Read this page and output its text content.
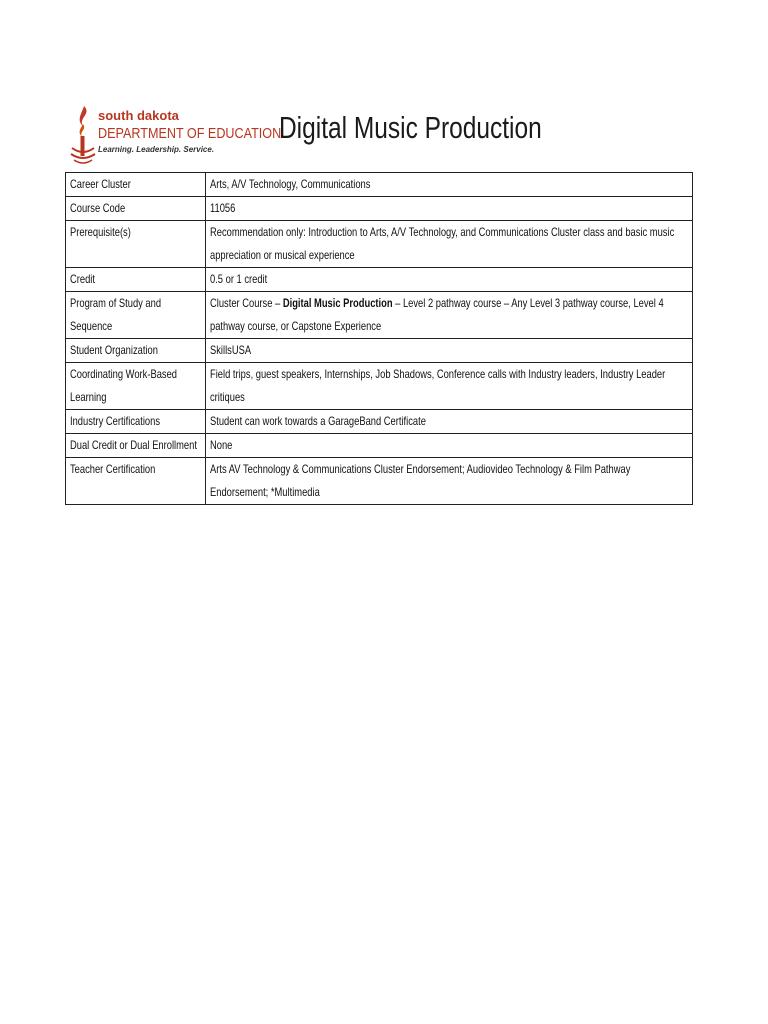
south dakota
DEPARTMENT OF EDUCATION
Learning. Leadership. Service.
Digital Music Production
Career Cluster	Arts, A/V Technology, Communications

Course Code	11056

Prerequisite(s)	Recommendation only: Introduction to Arts, A/V Technology, and Communications Cluster class and basic music appreciation or musical experience

Credit	0.5 or 1 credit

Program of Study and Sequence	Cluster Course – Digital Music Production – Level 2 pathway course – Any Level 3 pathway course, Level 4 pathway course, or Capstone Experience

Student Organization	SkillsUSA

Coordinating Work-Based Learning	Field trips, guest speakers, Internships, Job Shadows, Conference calls with Industry leaders, Industry Leader critiques

Industry Certifications	Student can work towards a GarageBand Certificate

Dual Credit or Dual Enrollment	None

Teacher Certification	Arts AV Technology & Communications Cluster Endorsement; Audiovideo Technology & Film Pathway Endorsement; *Multimedia
